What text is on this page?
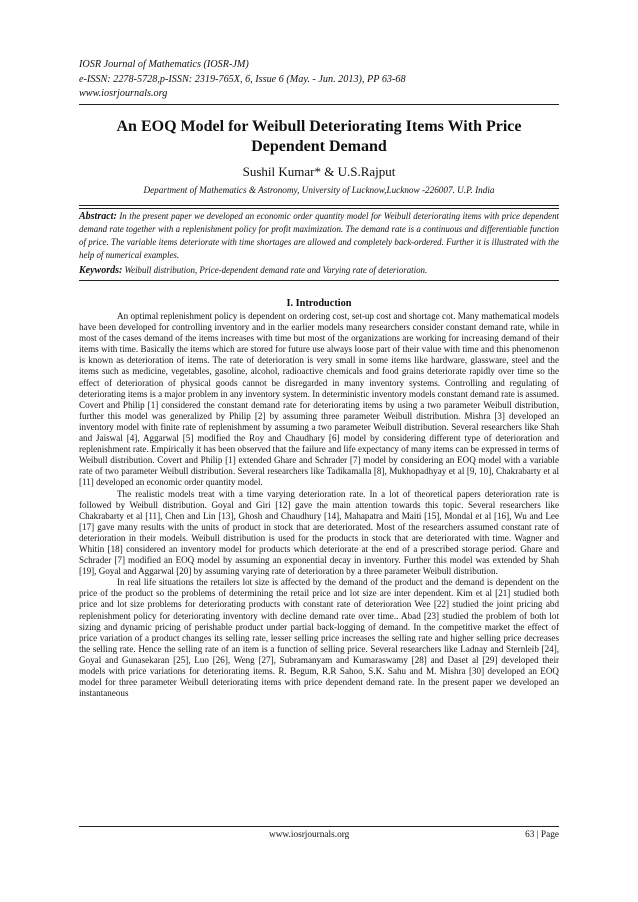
IOSR Journal of Mathematics (IOSR-JM)
e-ISSN: 2278-5728,p-ISSN: 2319-765X, 6, Issue 6 (May. - Jun. 2013), PP 63-68
www.iosrjournals.org
An EOQ Model for Weibull Deteriorating Items With Price Dependent Demand
Sushil Kumar* & U.S.Rajput
Department of Mathematics & Astronomy, University of Lucknow,Lucknow -226007. U.P. India
Abstract: In the present paper we developed an economic order quantity model for Weibull deteriorating items with price dependent demand rate together with a replenishment policy for profit maximization. The demand rate is a continuous and differentiable function of price. The variable items deteriorate with time shortages are allowed and completely back-ordered. Further it is illustrated with the help of numerical examples.
Keywords: Weibull distribution, Price-dependent demand rate and Varying rate of deterioration.
I. Introduction

An optimal replenishment policy is dependent on ordering cost, set-up cost and shortage cot. Many mathematical models have been developed for controlling inventory and in the earlier models many researchers consider constant demand rate, while in most of the cases demand of the items increases with time but most of the organizations are working for increasing demand of their items with time. Basically the items which are stored for future use always loose part of their value with time and this phenomenon is known as deterioration of items. The rate of deterioration is very small in some items like hardware, glassware, steel and the items such as medicine, vegetables, gasoline, alcohol, radioactive chemicals and food grains deteriorate rapidly over time so the effect of deterioration of physical goods cannot be disregarded in many inventory systems. Controlling and regulating of deteriorating items is a major problem in any inventory system. In deterministic inventory models constant demand rate is assumed. Covert and Philip [1] considered the constant demand rate for deteriorating items by using a two parameter Weibull distribution, further this model was generalized by Philip [2] by assuming three parameter Weibull distribution. Mishra [3] developed an inventory model with finite rate of replenishment by assuming a two parameter Weibull distribution. Several researchers like Shah and Jaiswal [4], Aggarwal [5] modified the Roy and Chaudhary [6] model by considering different type of deterioration and replenishment rate. Empirically it has been observed that the failure and life expectancy of many items can be expressed in terms of Weibull distribution. Covert and Philip [1] extended Ghare and Schrader [7] model by considering an EOQ model with a variable rate of two parameter Weibull distribution. Several researchers like Tadikamalla [8], Mukhopadhyay et al [9, 10], Chakrabarty et al [11] developed an economic order quantity model.

The realistic models treat with a time varying deterioration rate. In a lot of theoretical papers deterioration rate is followed by Weibull distribution. Goyal and Giri [12] gave the main attention towards this topic. Several researchers like Chakrabarty et al [11], Chen and Lin [13], Ghosh and Chaudhury [14], Mahapatra and Maiti [15], Mondal et al [16], Wu and Lee [17] gave many results with the units of product in stock that are deteriorated. Most of the researchers assumed constant rate of deterioration in their models. Weibull distribution is used for the products in stock that are deteriorated with time. Wagner and Whitin [18] considered an inventory model for products which deteriorate at the end of a prescribed storage period. Ghare and Schrader [7] modified an EOQ model by assuming an exponential decay in inventory. Further this model was extended by Shah [19], Goyal and Aggarwal [20] by assuming varying rate of deterioration by a three parameter Weibull distribution.

In real life situations the retailers lot size is affected by the demand of the product and the demand is dependent on the price of the product so the problems of determining the retail price and lot size are inter dependent. Kim et al [21] studied both price and lot size problems for deteriorating products with constant rate of deterioration Wee [22] studied the joint pricing abd replenishment policy for deteriorating inventory with decline demand rate over time.. Abad [23] studied the problem of both lot sizing and dynamic pricing of perishable product under partial back-logging of demand. In the competitive market the effect of price variation of a product changes its selling rate, lesser selling price increases the selling rate and higher selling price decreases the selling rate. Hence the selling rate of an item is a function of selling price. Several researchers like Ladnay and Sternleib [24], Goyal and Gunasekaran [25], Luo [26], Weng [27], Subramanyam and Kumaraswamy [28] and Daset al [29] developed their models with price variations for deteriorating items. R. Begum, R.R Sahoo, S.K. Sahu and M. Mishra [30] developed an EOQ model for three parameter Weibull deteriorating items with price dependent demand rate. In the present paper we developed an instantaneous

www.iosrjournals.org	63 | Page
